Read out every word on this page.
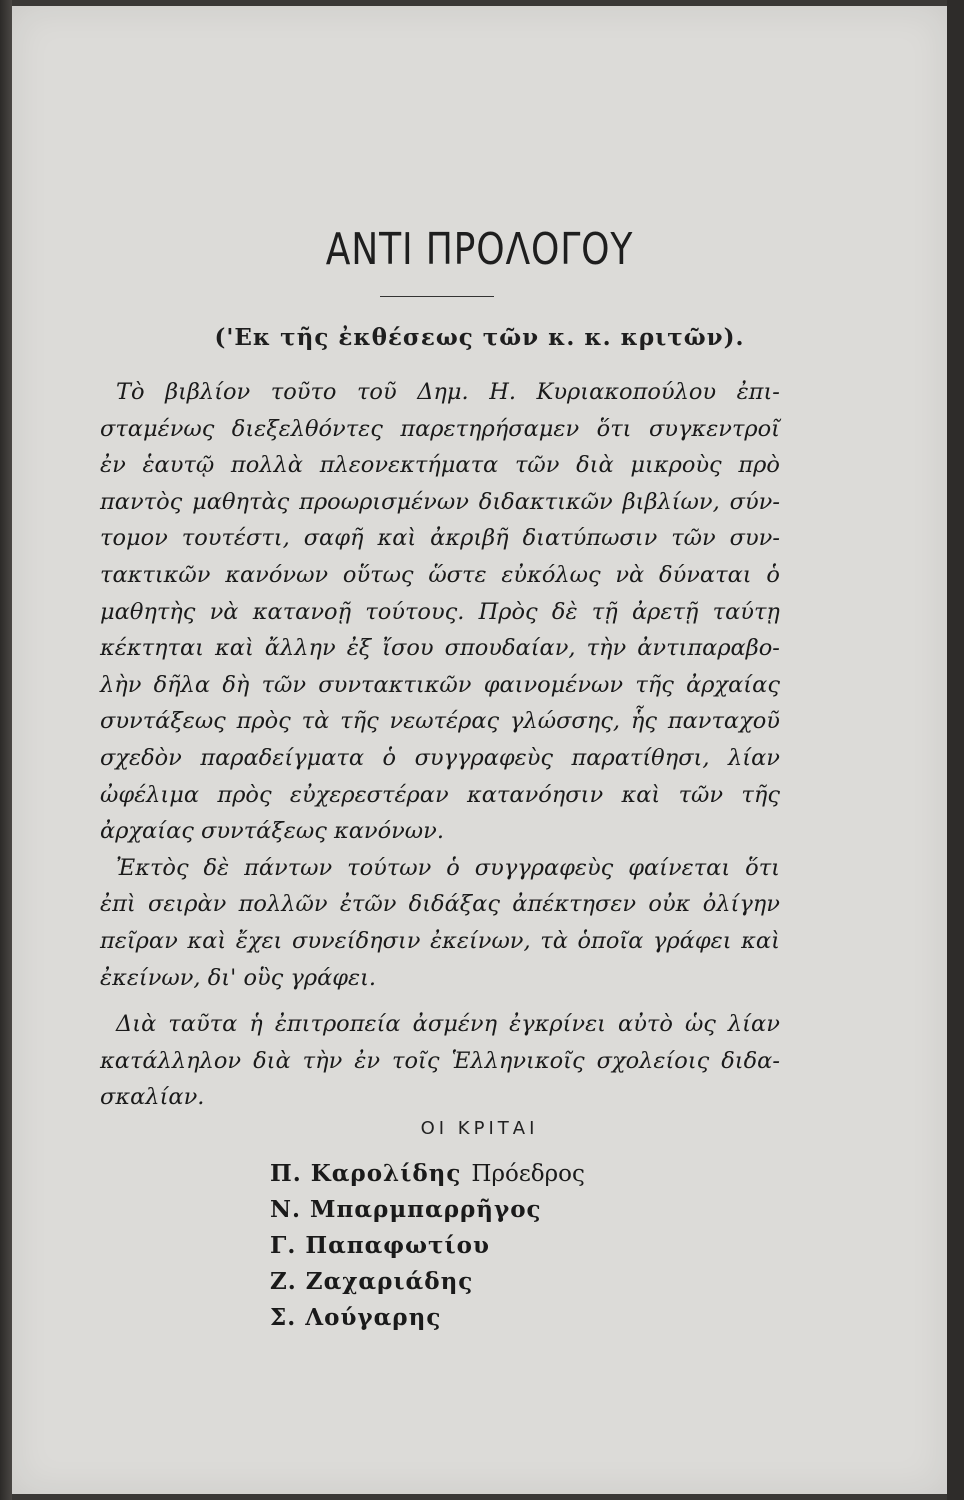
ΑΝΤΙ ΠΡΟΛΟΓΟΥ
('Εκ τῆς ἐκθέσεως τῶν κ. κ. κριτῶν).
Τὸ βιβλίον τοῦτο τοῦ Δημ. Η. Κυριακοπούλου ἐπι-
σταμένως διεξελθόντες παρετηρήσαμεν ὅτι συγκεντροῖ
ἐν ἑαυτῷ πολλὰ πλεονεκτήματα τῶν διὰ μικροὺς πρὸ
παντὸς μαθητὰς προωρισμένων διδακτικῶν βιβλίων, σύν-
τομον τουτέστι, σαφῆ καὶ ἀκριβῆ διατύπωσιν τῶν συν-
τακτικῶν κανόνων οὕτως ὥστε εὐκόλως νὰ δύναται ὁ
μαθητὴς νὰ κατανοῇ τούτους. Πρὸς δὲ τῇ ἀρετῇ ταύτῃ
κέκτηται καὶ ἄλλην ἐξ ἴσου σπουδαίαν, τὴν ἀντιπαραβο-
λὴν δῆλα δὴ τῶν συντακτικῶν φαινομένων τῆς ἀρχαίας
συντάξεως πρὸς τὰ τῆς νεωτέρας γλώσσης, ἧς πανταχοῦ
σχεδὸν παραδείγματα ὁ συγγραφεὺς παρατίθησι, λίαν
ὠφέλιμα πρὸς εὐχερεστέραν κατανόησιν καὶ τῶν τῆς
ἀρχαίας συντάξεως κανόνων.
Ἐκτὸς δὲ πάντων τούτων ὁ συγγραφεὺς φαίνεται ὅτι
ἐπὶ σειρὰν πολλῶν ἐτῶν διδάξας ἀπέκτησεν οὐκ ὀλίγην
πεῖραν καὶ ἔχει συνείδησιν ἐκείνων, τὰ ὁποῖα γράφει καὶ
ἐκείνων, δι' οὓς γράφει.
Διὰ ταῦτα ἡ ἐπιτροπεία ἀσμένη ἐγκρίνει αὐτὸ ὡς λίαν
κατάλληλον διὰ τὴν ἐν τοῖς Ἑλληνικοῖς σχολείοις διδα-
σκαλίαν.
ΟΙ ΚΡΙΤΑΙ
Π. Καρολίδης Πρόεδρος
Ν. Μπαρμπαρρῆγος
Γ. Παπαφωτίου
Ζ. Ζαχαριάδης
Σ. Λούγαρης
